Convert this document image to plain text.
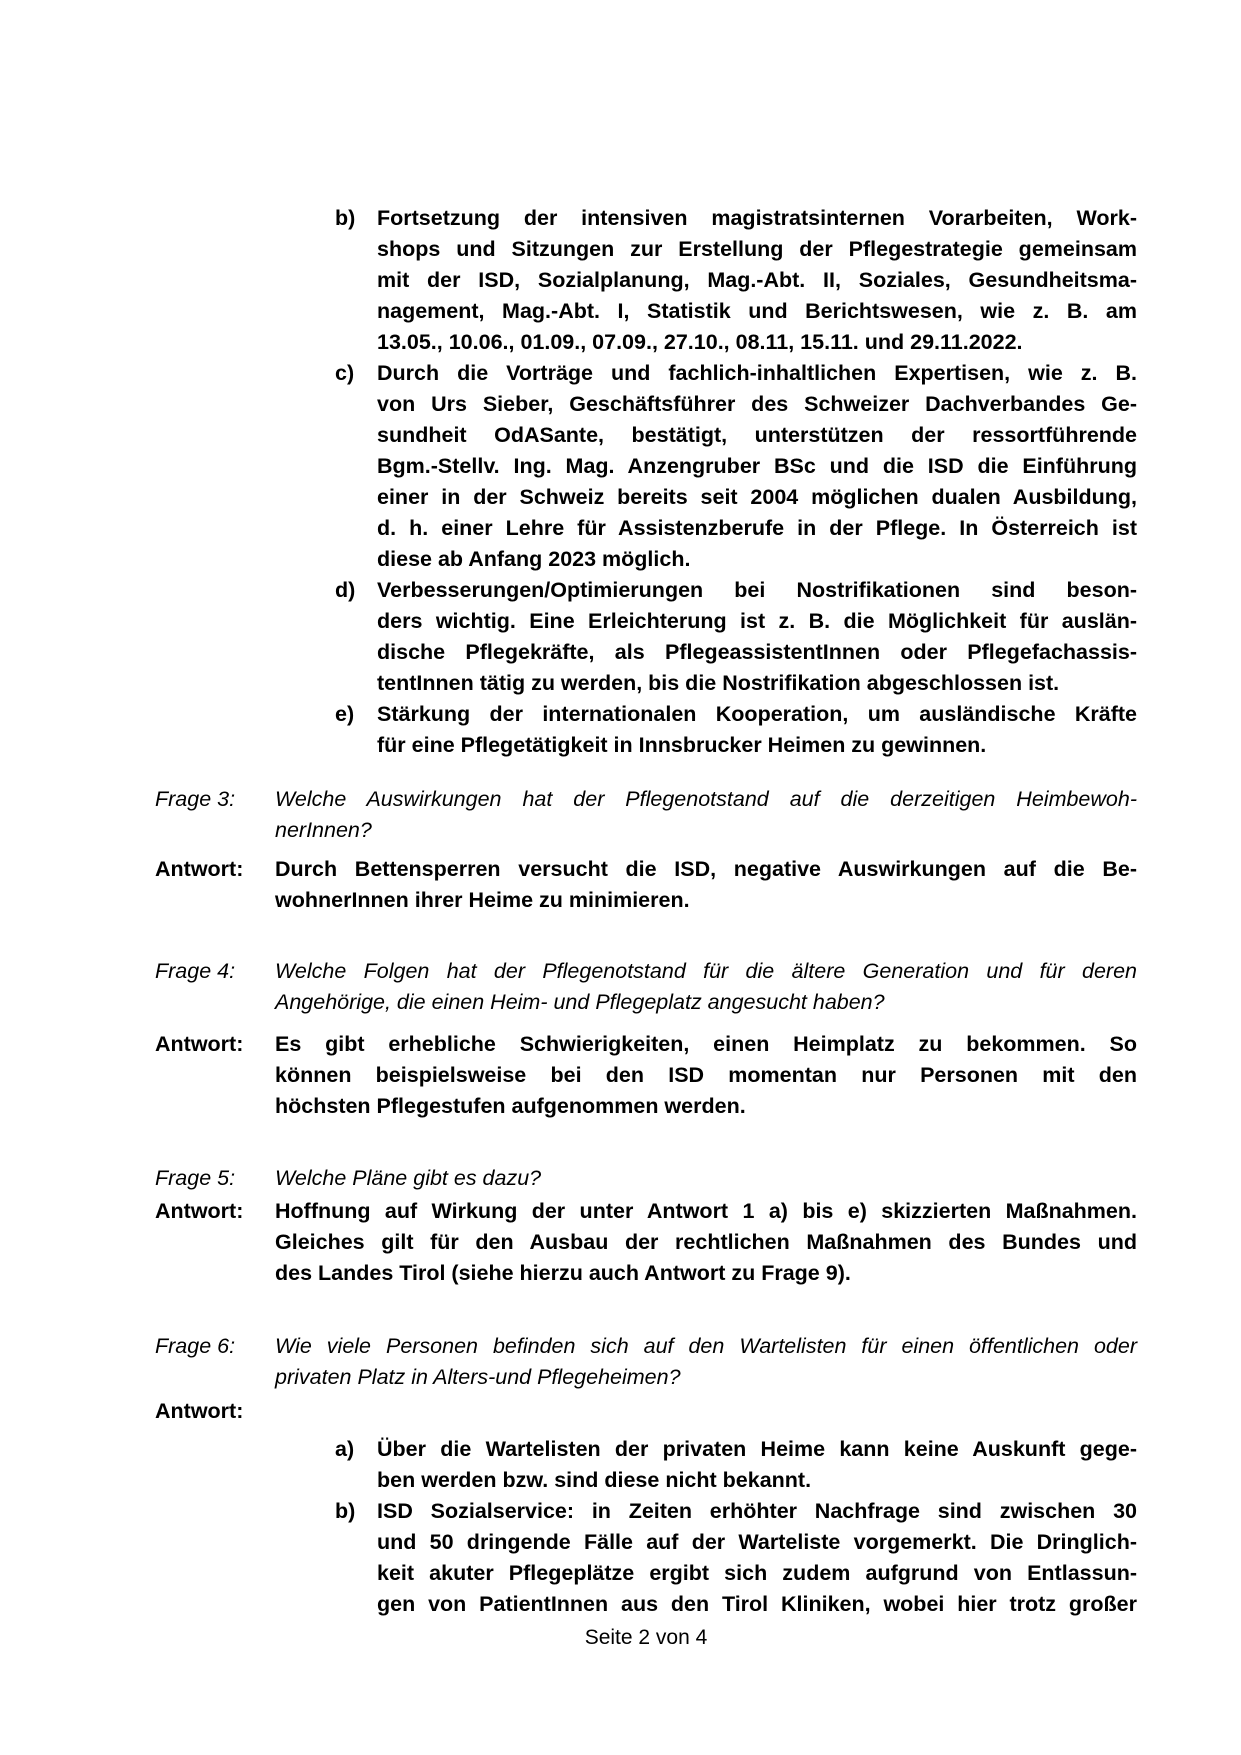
b)	Fortsetzung der intensiven magistratsinternen Vorarbeiten, Work-
shops und Sitzungen zur Erstellung der Pflegestrategie gemeinsam
mit der ISD, Sozialplanung, Mag.-Abt. II, Soziales, Gesundheitsma-
nagement, Mag.-Abt. I, Statistik und Berichtswesen, wie z. B. am
13.05., 10.06., 01.09., 07.09., 27.10., 08.11, 15.11. und 29.11.2022.
c)	Durch die Vorträge und fachlich-inhaltlichen Expertisen, wie z. B.
von Urs Sieber, Geschäftsführer des Schweizer Dachverbandes Ge-
sundheit OdASante, bestätigt, unterstützen der ressortführende
Bgm.-Stellv. Ing. Mag. Anzengruber BSc und die ISD die Einführung
einer in der Schweiz bereits seit 2004 möglichen dualen Ausbildung,
d. h. einer Lehre für Assistenzberufe in der Pflege. In Österreich ist
diese ab Anfang 2023 möglich.
d)	Verbesserungen/Optimierungen bei Nostrifikationen sind beson-
ders wichtig. Eine Erleichterung ist z. B. die Möglichkeit für auslän-
dische Pflegekräfte, als PflegeassistentInnen oder Pflegefachassis-
tentInnen tätig zu werden, bis die Nostrifikation abgeschlossen ist.
e)	Stärkung der internationalen Kooperation, um ausländische Kräfte
für eine Pflegetätigkeit in Innsbrucker Heimen zu gewinnen.
Frage 3:	Welche Auswirkungen hat der Pflegenotstand auf die derzeitigen Heimbewoh-
nerInnen?
Antwort:	Durch Bettensperren versucht die ISD, negative Auswirkungen auf die Be-
wohnerInnen ihrer Heime zu minimieren.
Frage 4:	Welche Folgen hat der Pflegenotstand für die ältere Generation und für deren
Angehörige, die einen Heim- und Pflegeplatz angesucht haben?
Antwort:	Es gibt erhebliche Schwierigkeiten, einen Heimplatz zu bekommen. So
können beispielsweise bei den ISD momentan nur Personen mit den
höchsten Pflegestufen aufgenommen werden.
Frage 5:	Welche Pläne gibt es dazu?
Antwort:	Hoffnung auf Wirkung der unter Antwort 1 a) bis e) skizzierten Maßnahmen.
Gleiches gilt für den Ausbau der rechtlichen Maßnahmen des Bundes und
des Landes Tirol (siehe hierzu auch Antwort zu Frage 9).
Frage 6:	Wie viele Personen befinden sich auf den Wartelisten für einen öffentlichen oder
privaten Platz in Alters-und Pflegeheimen?
Antwort:
a)	Über die Wartelisten der privaten Heime kann keine Auskunft gege-
ben werden bzw. sind diese nicht bekannt.
b)	ISD Sozialservice: in Zeiten erhöhter Nachfrage sind zwischen 30
und 50 dringende Fälle auf der Warteliste vorgemerkt. Die Dringlich-
keit akuter Pflegeplätze ergibt sich zudem aufgrund von Entlassun-
gen von PatientInnen aus den Tirol Kliniken, wobei hier trotz großer
Seite 2 von 4
